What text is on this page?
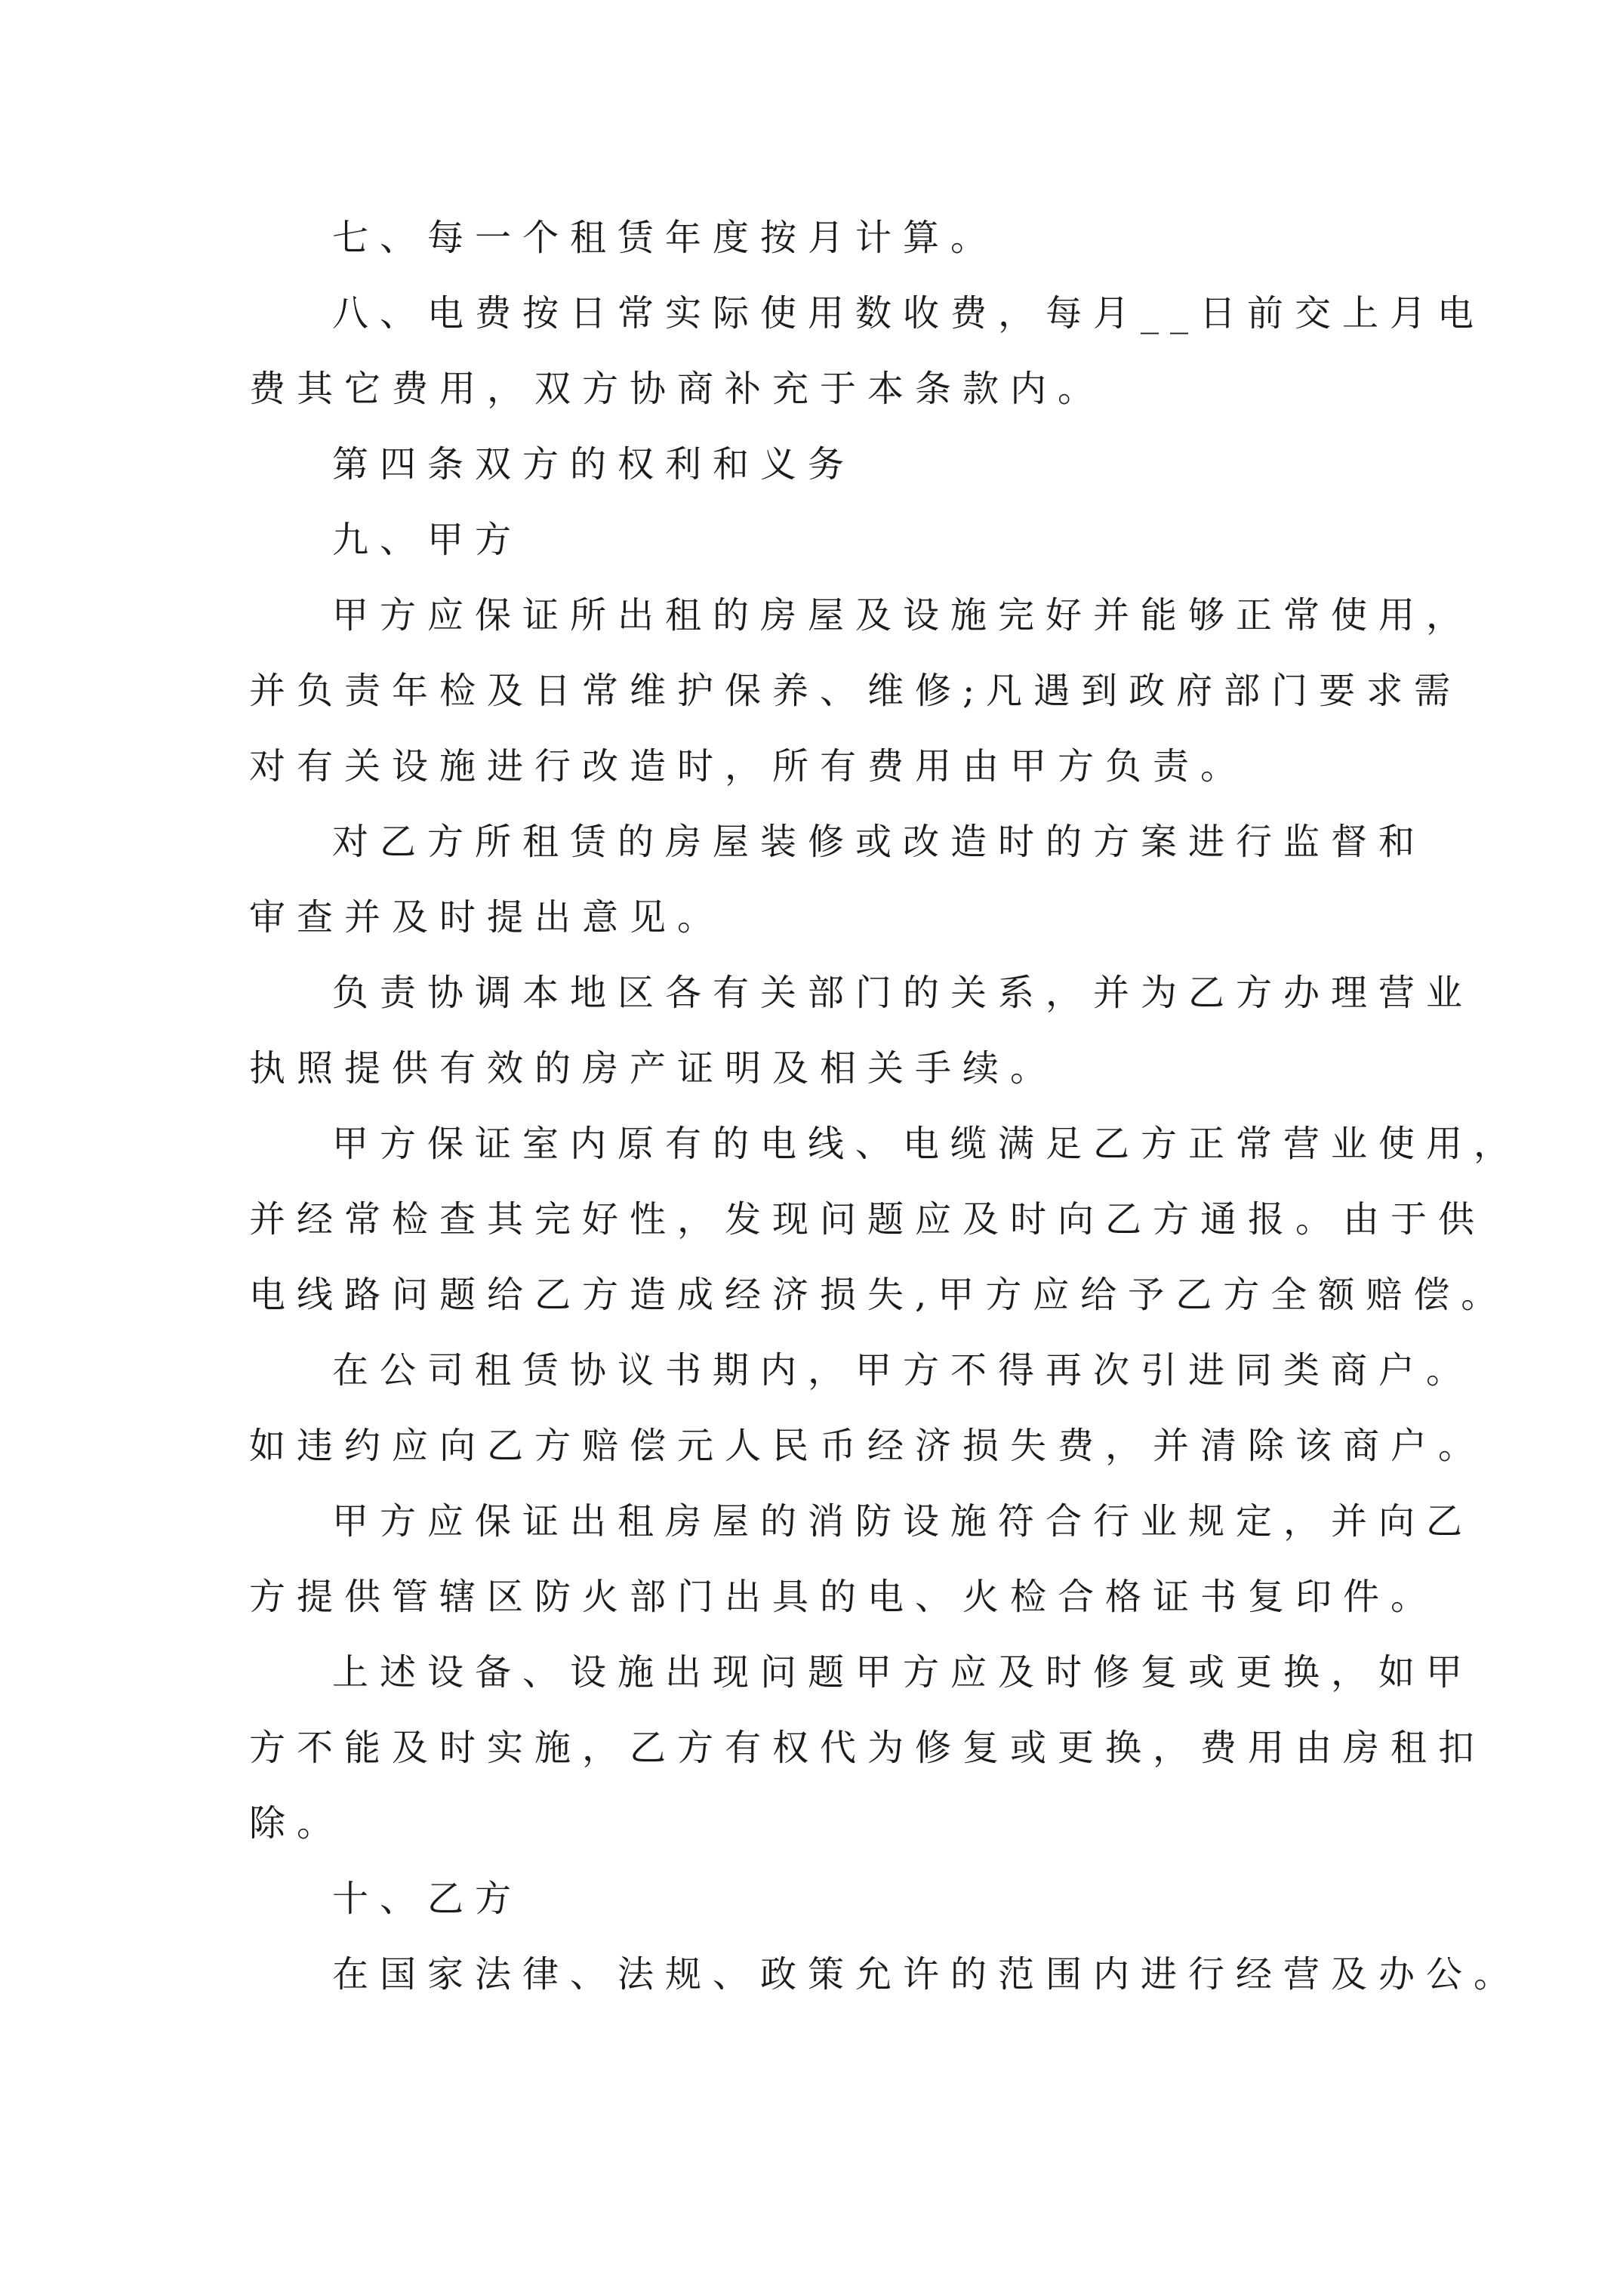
七、每一个租赁年度按月计算。
八、电费按日常实际使用数收费，每月__日前交上月电
费其它费用，双方协商补充于本条款内。
第四条双方的权利和义务
九、甲方
甲方应保证所出租的房屋及设施完好并能够正常使用，
并负责年检及日常维护保养、维修;凡遇到政府部门要求需
对有关设施进行改造时，所有费用由甲方负责。
对乙方所租赁的房屋装修或改造时的方案进行监督和
审查并及时提出意见。
负责协调本地区各有关部门的关系，并为乙方办理营业
执照提供有效的房产证明及相关手续。
甲方保证室内原有的电线、电缆满足乙方正常营业使用，
并经常检查其完好性，发现问题应及时向乙方通报。由于供
电线路问题给乙方造成经济损失,甲方应给予乙方全额赔偿。
在公司租赁协议书期内，甲方不得再次引进同类商户。
如违约应向乙方赔偿元人民币经济损失费，并清除该商户。
甲方应保证出租房屋的消防设施符合行业规定，并向乙
方提供管辖区防火部门出具的电、火检合格证书复印件。
上述设备、设施出现问题甲方应及时修复或更换，如甲
方不能及时实施，乙方有权代为修复或更换，费用由房租扣
除。
十、乙方
在国家法律、法规、政策允许的范围内进行经营及办公。
